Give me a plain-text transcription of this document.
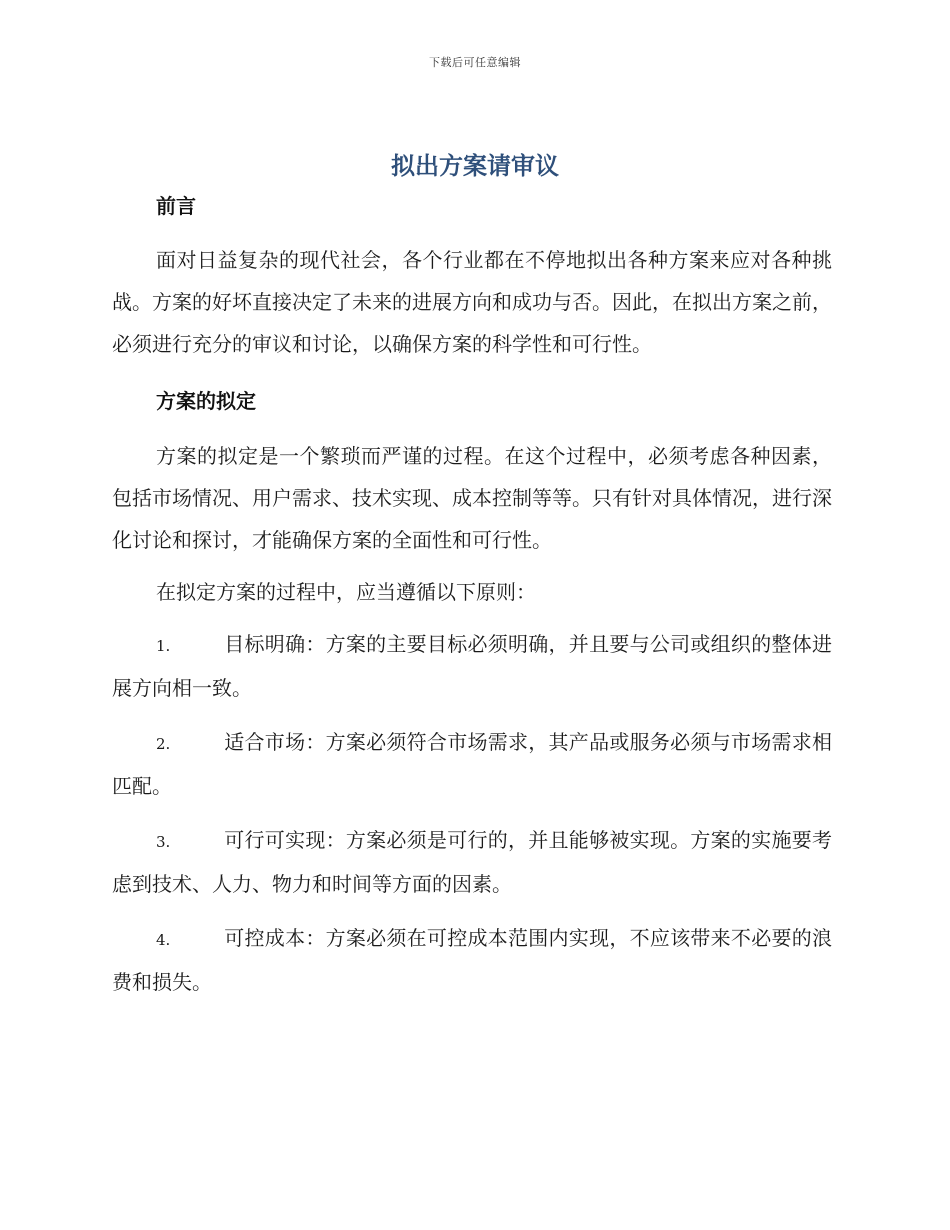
下载后可任意编辑
拟出方案请审议
前言

面对日益复杂的现代社会，各个行业都在不停地拟出各种方案来应对各种挑战。方案的好坏直接决定了未来的进展方向和成功与否。因此，在拟出方案之前，必须进行充分的审议和讨论，以确保方案的科学性和可行性。

方案的拟定

方案的拟定是一个繁琐而严谨的过程。在这个过程中，必须考虑各种因素，包括市场情况、用户需求、技术实现、成本控制等等。只有针对具体情况，进行深化讨论和探讨，才能确保方案的全面性和可行性。

在拟定方案的过程中，应当遵循以下原则：

1.	目标明确：方案的主要目标必须明确，并且要与公司或组织的整体进展方向相一致。

2.	适合市场：方案必须符合市场需求，其产品或服务必须与市场需求相匹配。

3.	可行可实现：方案必须是可行的，并且能够被实现。方案的实施要考虑到技术、人力、物力和时间等方面的因素。

4.	可控成本：方案必须在可控成本范围内实现，不应该带来不必要的浪费和损失。
